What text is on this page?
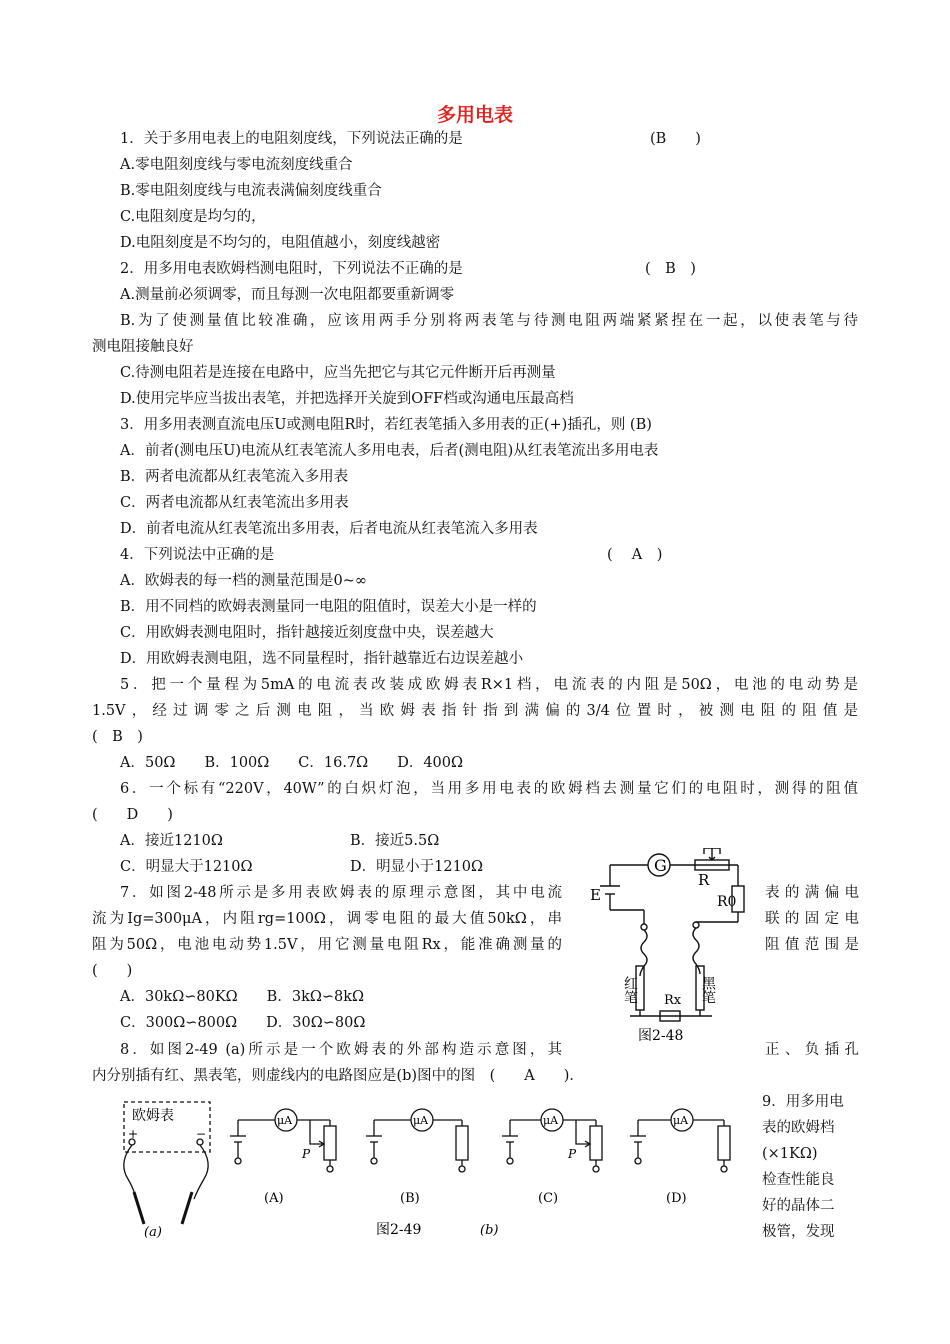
多用电表
1．关于多用电表上的电阻刻度线，下列说法正确的是	(B　　)
A.零电阻刻度线与零电流刻度线重合
B.零电阻刻度线与电流表满偏刻度线重合
C.电阻刻度是均匀的，
D.电阻刻度是不均匀的，电阻值越小，刻度线越密
2．用多用电表欧姆档测电阻时，下列说法不正确的是	(　B　)
A.测量前必须调零，而且每测一次电阻都要重新调零
B.为了使测量值比较准确，应该用两手分别将两表笔与待测电阻两端紧紧捏在一起，以使表笔与待
测电阻接触良好
C.待测电阻若是连接在电路中，应当先把它与其它元件断开后再测量
D.使用完毕应当拔出表笔，并把选择开关旋到OFF档或沟通电压最高档
3．用多用表测直流电压U或测电阻R时，若红表笔插入多用表的正(+)插孔，则 (B)
A．前者(测电压U)电流从红表笔流人多用电表，后者(测电阻)从红表笔流出多用电表
B．两者电流都从红表笔流入多用表
C．两者电流都从红表笔流出多用表
D．前者电流从红表笔流出多用表，后者电流从红表笔流入多用表
4．下列说法中正确的是	(　 A　)
A．欧姆表的每一档的测量范围是0~∞
B．用不同档的欧姆表测量同一电阻的阻值时，误差大小是一样的
C．用欧姆表测电阻时，指针越接近刻度盘中央，误差越大
D．用欧姆表测电阻，选不同量程时，指针越靠近右边误差越小
5．把一个量程为5mA的电流表改装成欧姆表R×1档，电流表的内阻是50Ω，电池的电动势是
1.5V，经过调零之后测电阻，当欧姆表指针指到满偏的3/4位置时，被测电阻的阻值是
(　B　)
A．50Ω　　B．100Ω　　C．16.7Ω　　D．400Ω
6．一个标有“220V，40W”的白炽灯泡，当用多用电表的欧姆档去测量它们的电阻时，测得的阻值
(　　D　　)
A．接近1210Ω	B．接近5.5Ω
C．明显大于1210Ω	D．明显小于1210Ω
7．如图2-48所示是多用表欧姆表的原理示意图，其中电流	表的满偏电
流为Ig=300μA，内阻rg=100Ω，调零电阻的最大值50kΩ，串	联的固定电
阻为50Ω，电池电动势1.5V，用它测量电阻Rx，能准确测量的	阻值范围是
(　　)
A．30kΩ∽80KΩ　　B．3kΩ∽8kΩ
C．300Ω∽800Ω　　D．30Ω∽80Ω
G
R
E	R0
Rx
红笔	黑笔
图2-48
8．如图2-49 (a)所示是一个欧姆表的外部构造示意图，其	正、负插孔
内分别插有红、黑表笔，则虚线内的电路图应是(b)图中的图　(　　A　　)．
欧姆表
+	−
(a)
μA
P
(A)
μA
(B)
μA
P
(C)
μA
(D)
图2-49	(b)
9．用多用电
表的欧姆档
(×1KΩ)
检查性能良
好的晶体二
极管，发现
